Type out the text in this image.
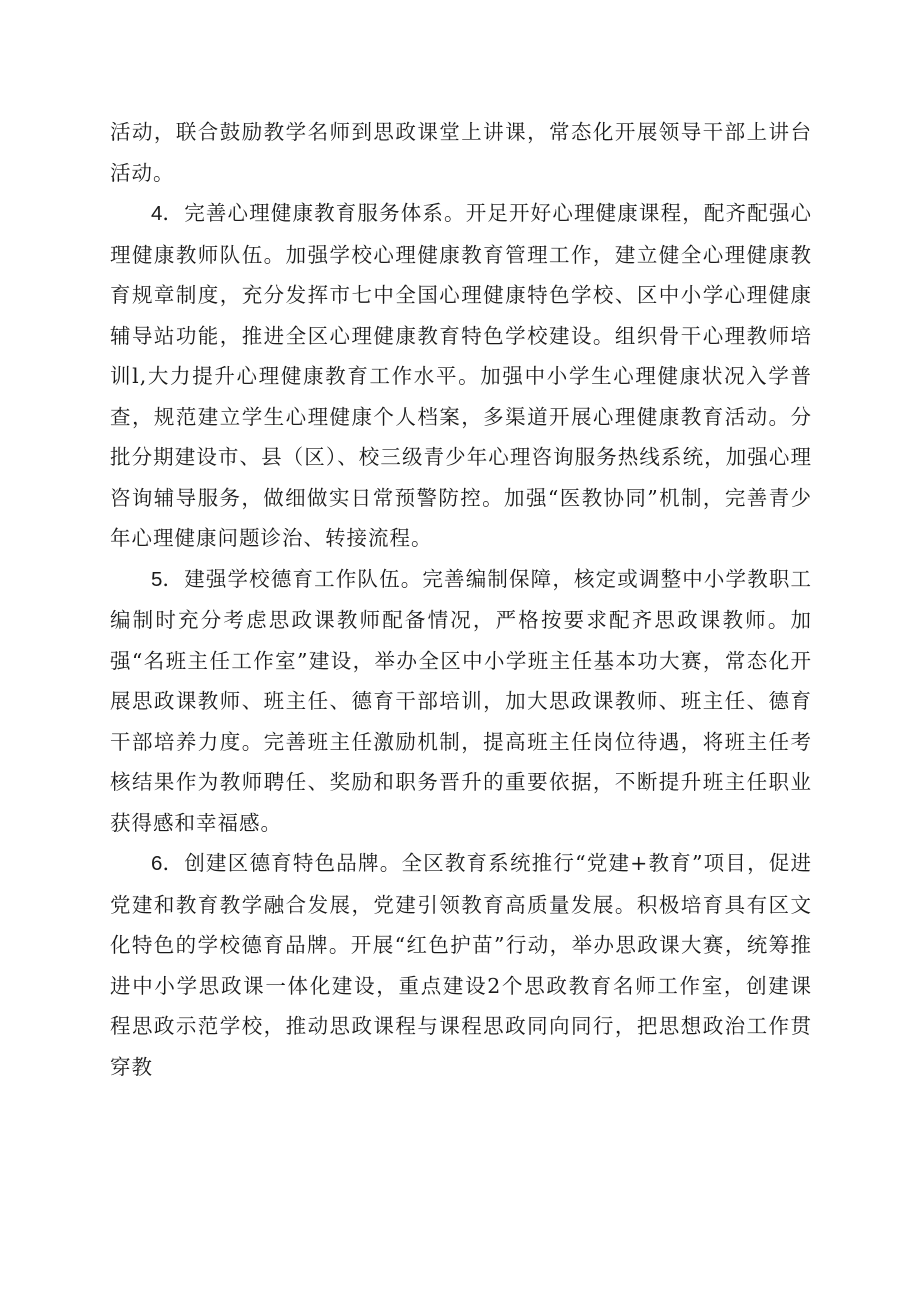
活动，联合鼓励教学名师到思政课堂上讲课，常态化开展领导干部上讲台活动。

4．完善心理健康教育服务体系。开足开好心理健康课程，配齐配强心理健康教师队伍。加强学校心理健康教育管理工作，建立健全心理健康教育规章制度，充分发挥市七中全国心理健康特色学校、区中小学心理健康辅导站功能，推进全区心理健康教育特色学校建设。组织骨干心理教师培训l,大力提升心理健康教育工作水平。加强中小学生心理健康状况入学普查，规范建立学生心理健康个人档案，多渠道开展心理健康教育活动。分批分期建设市、县（区）、校三级青少年心理咨询服务热线系统，加强心理咨询辅导服务，做细做实日常预警防控。加强“医教协同”机制，完善青少年心理健康问题诊治、转接流程。

5．建强学校德育工作队伍。完善编制保障，核定或调整中小学教职工编制时充分考虑思政课教师配备情况，严格按要求配齐思政课教师。加强“名班主任工作室”建设，举办全区中小学班主任基本功大赛，常态化开展思政课教师、班主任、德育干部培训，加大思政课教师、班主任、德育干部培养力度。完善班主任激励机制，提高班主任岗位待遇，将班主任考核结果作为教师聘任、奖励和职务晋升的重要依据，不断提升班主任职业获得感和幸福感。

6．创建区德育特色品牌。全区教育系统推行“党建+教育”项目，促进党建和教育教学融合发展，党建引领教育高质量发展。积极培育具有区文化特色的学校德育品牌。开展“红色护苗”行动，举办思政课大赛，统筹推进中小学思政课一体化建设，重点建设2个思政教育名师工作室，创建课程思政示范学校，推动思政课程与课程思政同向同行，把思想政治工作贯穿教
